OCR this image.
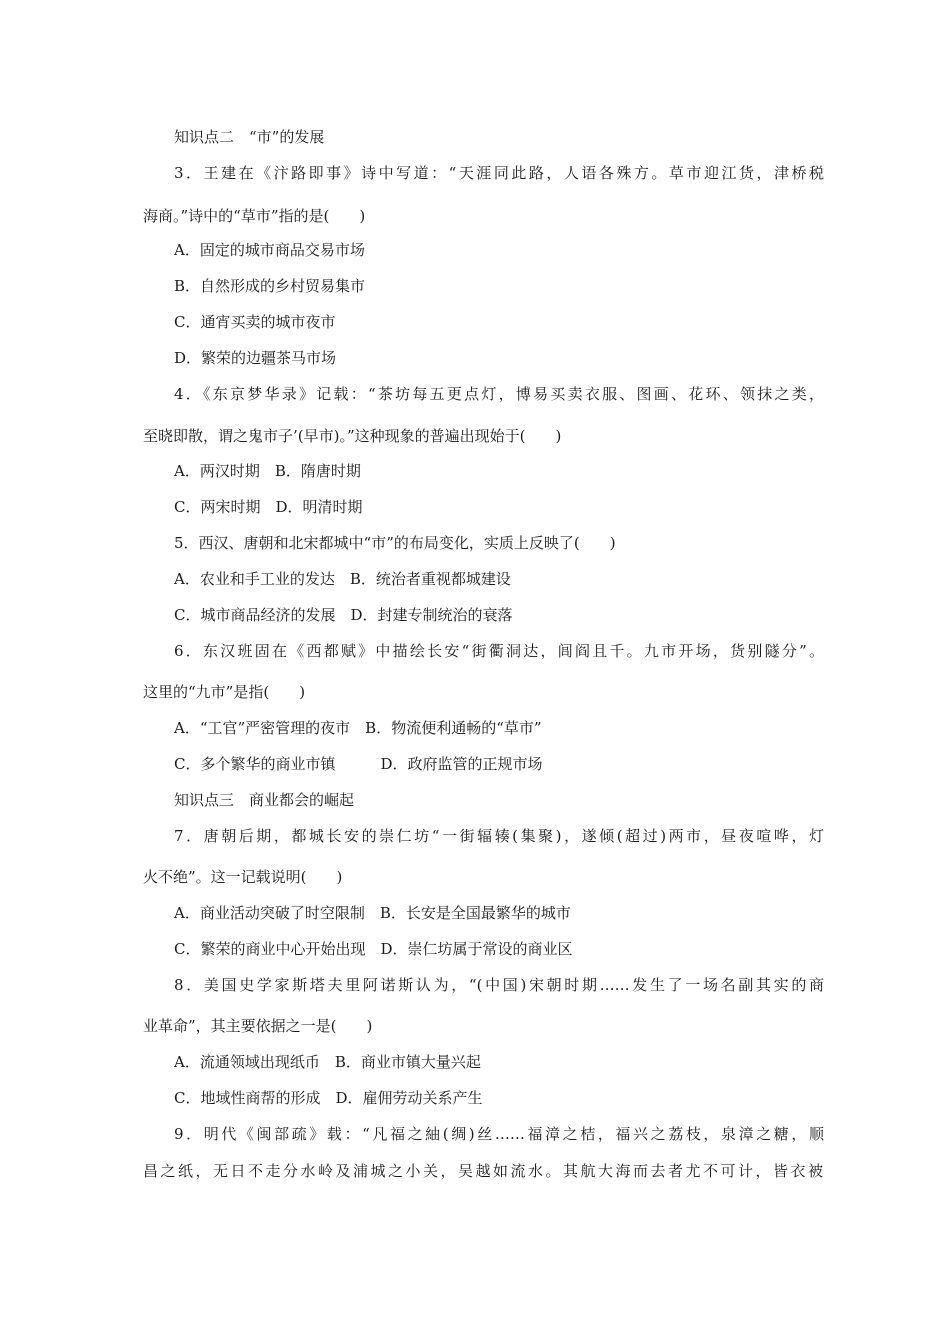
知识点二　“市”的发展
3．王建在《汴路即事》诗中写道：“天涯同此路，人语各殊方。草市迎江货，津桥税
海商。”诗中的“草市”指的是(　　)
A．固定的城市商品交易市场
B．自然形成的乡村贸易集市
C．通宵买卖的城市夜市
D．繁荣的边疆茶马市场
4．《东京梦华录》记载：“茶坊每五更点灯，博易买卖衣服、图画、花环、领抹之类，
至晓即散，谓之鬼市子’(早市)。”这种现象的普遍出现始于(　　)
A．两汉时期　B．隋唐时期
C．两宋时期　D．明清时期
5．西汉、唐朝和北宋都城中“市”的布局变化，实质上反映了(　　)
A．农业和手工业的发达　B．统治者重视都城建设
C．城市商品经济的发展　D．封建专制统治的衰落
6．东汉班固在《西都赋》中描绘长安“街衢洞达，闾阎且千。九市开场，货别隧分”。
这里的“九市”是指(　　)
A．“工官”严密管理的夜市　B．物流便利通畅的“草市”
C．多个繁华的商业市镇　　　D．政府监管的正规市场
知识点三　商业都会的崛起
7．唐朝后期，都城长安的崇仁坊“一街辐辏(集聚)，遂倾(超过)两市，昼夜喧哗，灯
火不绝”。这一记载说明(　　)
A．商业活动突破了时空限制　B．长安是全国最繁华的城市
C．繁荣的商业中心开始出现　D．崇仁坊属于常设的商业区
8．美国史学家斯塔夫里阿诺斯认为，“(中国)宋朝时期……发生了一场名副其实的商
业革命”，其主要依据之一是(　　)
A．流通领域出现纸币　B．商业市镇大量兴起
C．地域性商帮的形成　D．雇佣劳动关系产生
9．明代《闽部疏》载：“凡福之紬(绸)丝……福漳之桔，福兴之荔枝，泉漳之糖，顺
昌之纸，无日不走分水岭及浦城之小关，吴越如流水。其航大海而去者尤不可计，皆衣被
